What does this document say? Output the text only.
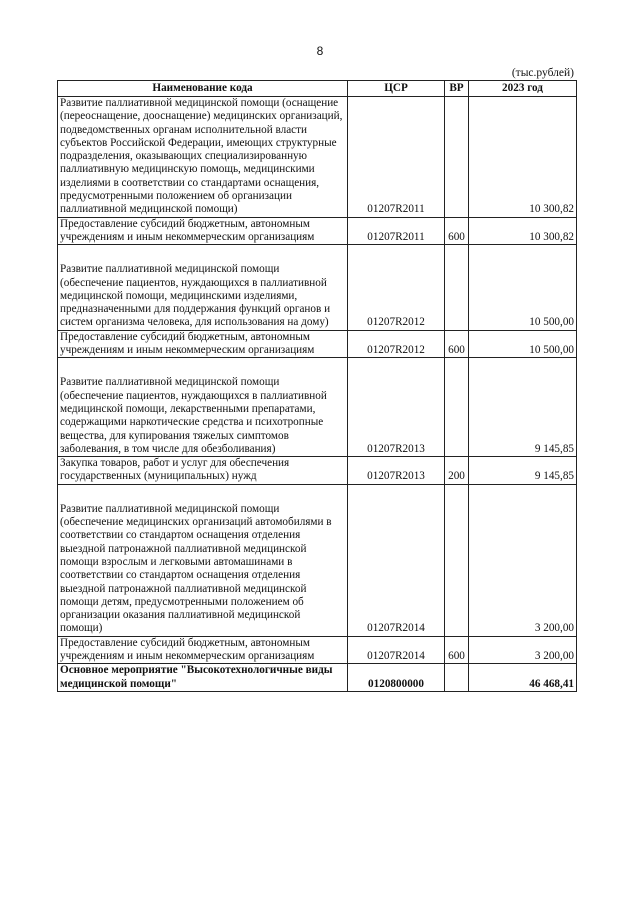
8
(тыс.рублей)
Наименование кода	ЦСР	ВР	2023 год
Развитие паллиативной медицинской помощи (оснащение (переоснащение, дооснащение) медицинских организаций, подведомственных органам исполнительной власти субъектов Российской Федерации, имеющих структурные подразделения, оказывающих специализированную паллиативную медицинскую помощь, медицинскими изделиями в соответствии со стандартами оснащения, предусмотренными положением об организации паллиативной медицинской помощи)	01207R2011		10 300,82
Предоставление субсидий бюджетным, автономным учреждениям и иным некоммерческим организациям	01207R2011	600	10 300,82

Развитие паллиативной медицинской помощи (обеспечение пациентов, нуждающихся в паллиативной медицинской помощи, медицинскими изделиями, предназначенными для поддержания функций органов и систем организма человека, для использования на дому)	01207R2012		10 500,00
Предоставление субсидий бюджетным, автономным учреждениям и иным некоммерческим организациям	01207R2012	600	10 500,00

Развитие паллиативной медицинской помощи (обеспечение пациентов, нуждающихся в паллиативной медицинской помощи, лекарственными препаратами, содержащими наркотические средства и психотропные вещества, для купирования тяжелых симптомов заболевания, в том числе для обезболивания)	01207R2013		9 145,85
Закупка товаров, работ и услуг для обеспечения государственных (муниципальных) нужд	01207R2013	200	9 145,85

Развитие паллиативной медицинской помощи (обеспечение медицинских организаций автомобилями в соответствии со стандартом оснащения отделения выездной патронажной паллиативной медицинской помощи взрослым и легковыми автомашинами в соответствии со стандартом оснащения отделения выездной патронажной паллиативной медицинской помощи детям, предусмотренными положением об организации оказания паллиативной медицинской помощи)	01207R2014		3 200,00
Предоставление субсидий бюджетным, автономным учреждениям и иным некоммерческим организациям	01207R2014	600	3 200,00
Основное мероприятие "Высокотехнологичные виды медицинской помощи"	0120800000		46 468,41
